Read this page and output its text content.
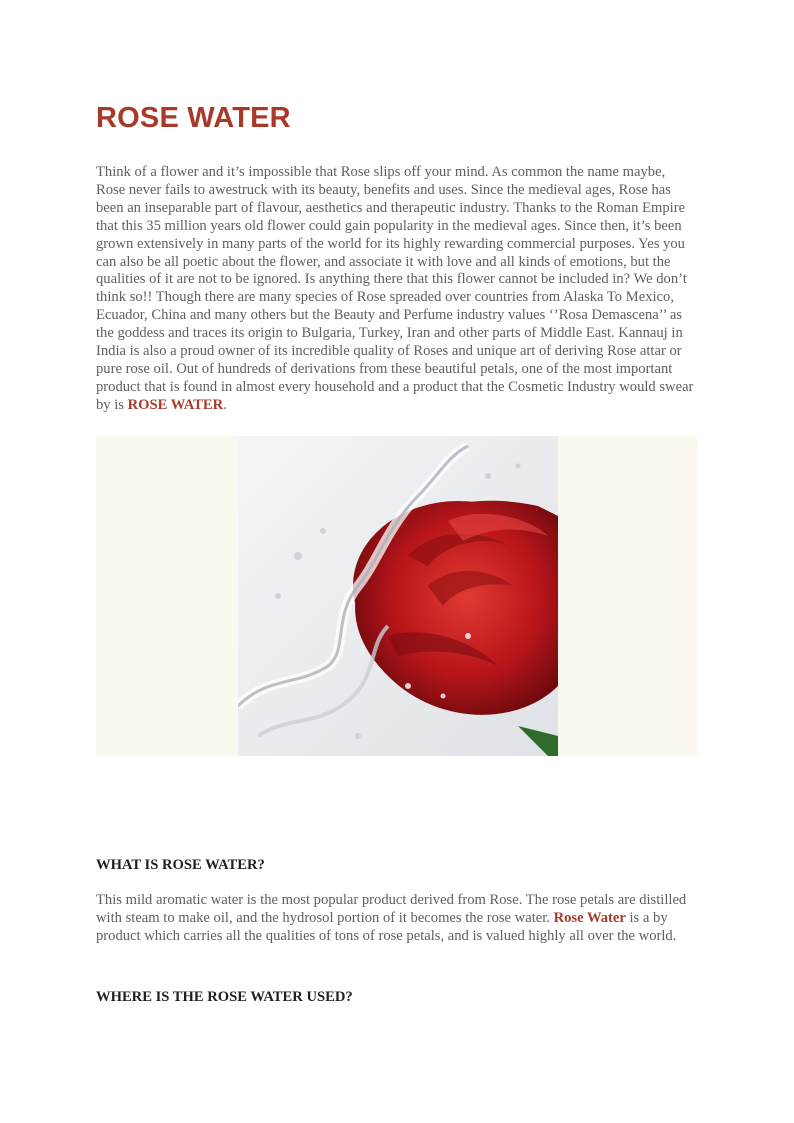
ROSE WATER

Think of a flower and it’s impossible that Rose slips off your mind. As common the name maybe, Rose never fails to awestruck with its beauty, benefits and uses. Since the medieval ages, Rose has been an inseparable part of flavour, aesthetics and therapeutic industry. Thanks to the Roman Empire that this 35 million years old flower could gain popularity in the medieval ages. Since then, it’s been grown extensively in many parts of the world for its highly rewarding commercial purposes. Yes you can also be all poetic about the flower, and associate it with love and all kinds of emotions, but the qualities of it are not to be ignored. Is anything there that this flower cannot be included in? We don’t think so!! Though there are many species of Rose spreaded over countries from Alaska To Mexico, Ecuador, China and many others but the Beauty and Perfume industry values ‘’Rosa Demascena’’ as the goddess and traces its origin to Bulgaria, Turkey, Iran and other parts of Middle East. Kannauj in India is also a proud owner of its incredible quality of Roses and unique art of deriving Rose attar or pure rose oil. Out of hundreds of derivations from these beautiful petals, one of the most important product that is found in almost every household and a product that the Cosmetic Industry would swear by is ROSE WATER.

WHAT IS ROSE WATER?

This mild aromatic water is the most popular product derived from Rose. The rose petals are distilled with steam to make oil, and the hydrosol portion of it becomes the rose water. Rose Water is a by product which carries all the qualities of tons of rose petals, and is valued highly all over the world.

WHERE IS THE ROSE WATER USED?
